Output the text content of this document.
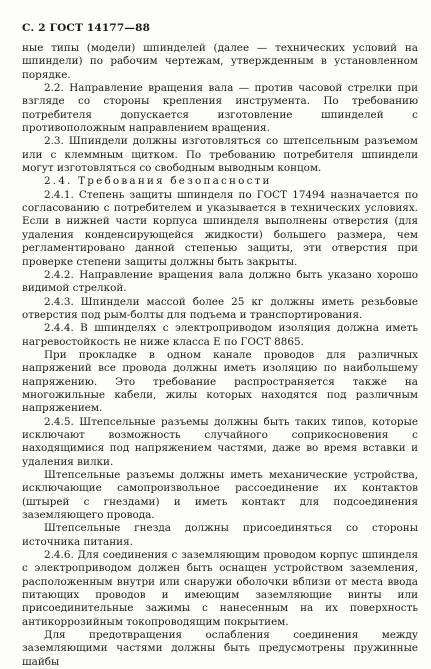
С. 2 ГОСТ 14177—88

ные типы (модели) шпинделей (далее — технических условий на шпиндели) по рабочим чертежам, утвержденным в установленном порядке.

2.2. Направление вращения вала — против часовой стрелки при взгляде со стороны крепления инструмента. По требованию потребителя допускается изготовление шпинделей с противоположным направлением вращения.

2.3. Шпиндели должны изготовляться со штепсельным разъемом или с клеммным щитком. По требованию потребителя шпиндели могут изготовляться со свободным выводным концом.

2.4. Требования безопасности

2.4.1. Степень защиты шпинделя по ГОСТ 17494 назначается по согласованию с потребителем и указывается в технических условиях. Если в нижней части корпуса шпинделя выполнены отверстия (для удаления конденсирующейся жидкости) большего размера, чем регламентировано данной степенью защиты, эти отверстия при проверке степени защиты должны быть закрыты.

2.4.2. Направление вращения вала должно быть указано хорошо видимой стрелкой.

2.4.3. Шпиндели массой более 25 кг должны иметь резьбовые отверстия под рым-болты для подъема и транспортирования.

2.4.4. В шпинделях с электроприводом изоляция должна иметь нагревостойкость не ниже класса Е по ГОСТ 8865.

При прокладке в одном канале проводов для различных напряжений все провода должны иметь изоляцию по наибольшему напряжению. Это требование распространяется также на многожильные кабели, жилы которых находятся под различным напряжением.

2.4.5. Штепсельные разъемы должны быть таких типов, которые исключают возможность случайного соприкосновения с находящимися под напряжением частями, даже во время вставки и удаления вилки.

Штепсельные разъемы должны иметь механические устройства, исключающие самопроизвольное рассоединение их контактов (штырей с гнездами) и иметь контакт для подсоединения заземляющего провода.

Штепсельные гнезда должны присоединяться со стороны источника питания.

2.4.6. Для соединения с заземляющим проводом корпус шпинделя с электроприводом должен быть оснащен устройством заземления, расположенным внутри или снаружи оболочки вблизи от места ввода питающих проводов и имеющим заземляющие винты или присоединительные зажимы с нанесенным на их поверхность антикоррозийным токопроводящим покрытием.

Для предотвращения ослабления соединения между заземляющими частями должны быть предусмотрены пружинные шайбы
